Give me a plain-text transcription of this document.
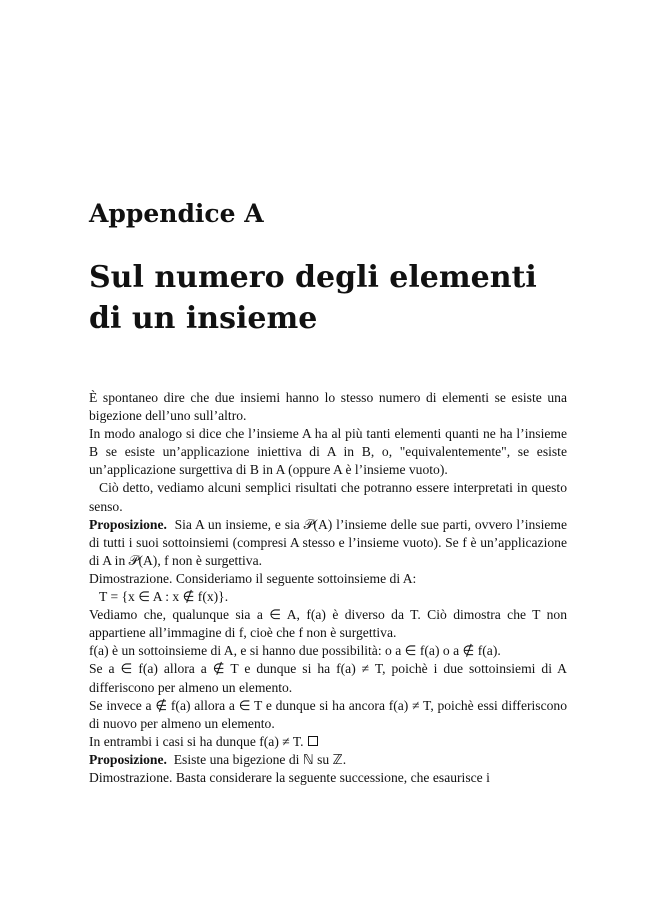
Appendice A
Sul numero degli elementi di un insieme

È spontaneo dire che due insiemi hanno lo stesso numero di elementi se esiste una bigezione dell’uno sull’altro.

In modo analogo si dice che l’insieme A ha al più tanti elementi quanti ne ha l’insieme B se esiste un’applicazione iniettiva di A in B, o, "equivalentemente", se esiste un’applicazione surgettiva di B in A (oppure A è l’insieme vuoto).

Ciò detto, vediamo alcuni semplici risultati che potranno essere interpretati in questo senso.

Proposizione. Sia A un insieme, e sia 𝒫(A) l’insieme delle sue parti, ovvero l’insieme di tutti i suoi sottoinsiemi (compresi A stesso e l’insieme vuoto). Se f è un’applicazione di A in 𝒫(A), f non è surgettiva.

Dimostrazione. Consideriamo il seguente sottoinsieme di A:

T = {x ∈ A : x ∉ f(x)}.

Vediamo che, qualunque sia a ∈ A, f(a) è diverso da T. Ciò dimostra che T non appartiene all’immagine di f, cioè che f non è surgettiva.

f(a) è un sottoinsieme di A, e si hanno due possibilità: o a ∈ f(a) o a ∉ f(a).

Se a ∈ f(a) allora a ∉ T e dunque si ha f(a) ≠ T, poichè i due sottoinsiemi di A differiscono per almeno un elemento.

Se invece a ∉ f(a) allora a ∈ T e dunque si ha ancora f(a) ≠ T, poichè essi differiscono di nuovo per almeno un elemento.

In entrambi i casi si ha dunque f(a) ≠ T.

Proposizione. Esiste una bigezione di ℕ su ℤ.

Dimostrazione. Basta considerare la seguente successione, che esaurisce i
